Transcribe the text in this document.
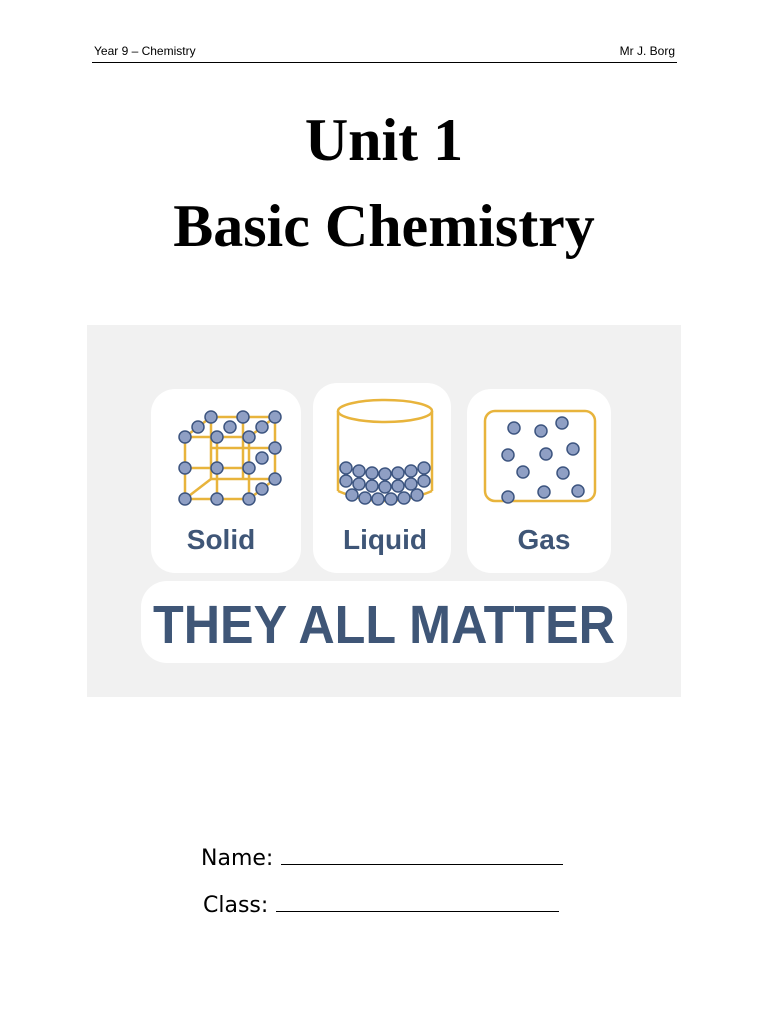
Year 9 – Chemistry	Mr J. Borg
Unit 1
Basic Chemistry
Solid	Liquid	Gas
THEY ALL MATTER
Name:
Class:
